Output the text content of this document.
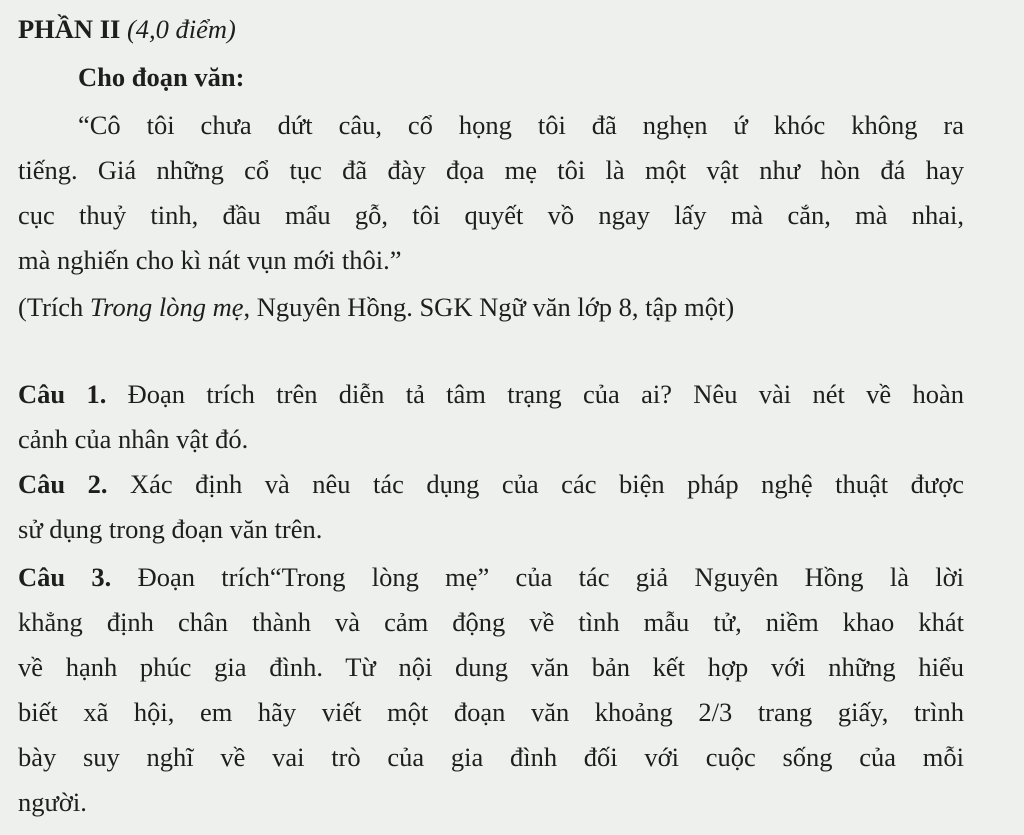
PHẦN II (4,0 điểm)
Cho đoạn văn:
“Cô tôi chưa dứt câu, cổ họng tôi đã nghẹn ứ khóc không ra
tiếng. Giá những cổ tục đã đày đọa mẹ tôi là một vật như hòn đá hay
cục thuỷ tinh, đầu mẩu gỗ, tôi quyết vồ ngay lấy mà cắn, mà nhai,
mà nghiến cho kì nát vụn mới thôi.”
(Trích Trong lòng mẹ, Nguyên Hồng. SGK Ngữ văn lớp 8, tập một)
Câu 1. Đoạn trích trên diễn tả tâm trạng của ai? Nêu vài nét về hoàn
cảnh của nhân vật đó.
Câu 2. Xác định và nêu tác dụng của các biện pháp nghệ thuật được
sử dụng trong đoạn văn trên.
Câu 3. Đoạn trích“Trong lòng mẹ” của tác giả Nguyên Hồng là lời
khẳng định chân thành và cảm động về tình mẫu tử, niềm khao khát
về hạnh phúc gia đình. Từ nội dung văn bản kết hợp với những hiểu
biết xã hội, em hãy viết một đoạn văn khoảng 2/3 trang giấy, trình
bày suy nghĩ về vai trò của gia đình đối với cuộc sống của mỗi
người.
